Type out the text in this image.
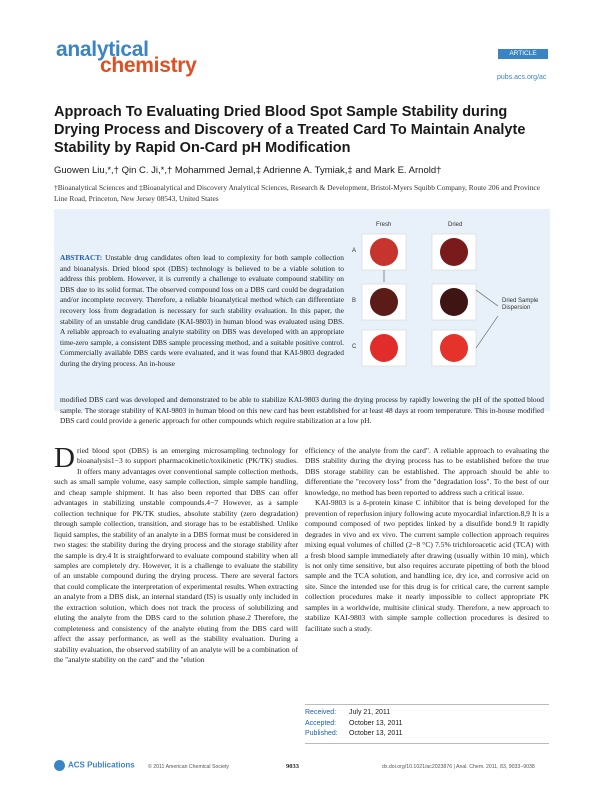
analytical
chemistry
ARTICLE
pubs.acs.org/ac
Approach To Evaluating Dried Blood Spot Sample Stability during Drying Process and Discovery of a Treated Card To Maintain Analyte Stability by Rapid On-Card pH Modification
Guowen Liu,*,† Qin C. Ji,*,† Mohammed Jemal,‡ Adrienne A. Tymiak,‡ and Mark E. Arnold†
†Bioanalytical Sciences and ‡Bioanalytical and Discovery Analytical Sciences, Research & Development, Bristol-Myers Squibb Company, Route 206 and Province Line Road, Princeton, New Jersey 08543, United States
ABSTRACT: Unstable drug candidates often lead to complexity for both sample collection and bioanalysis. Dried blood spot (DBS) technology is believed to be a viable solution to address this problem. However, it is currently a challenge to evaluate compound stability on DBS due to its solid format. The observed compound loss on a DBS card could be degradation and/or incomplete recovery. Therefore, a reliable bioanalytical method which can differentiate recovery loss from degradation is necessary for such stability evaluation. In this paper, the stability of an unstable drug candidate (KAI-9803) in human blood was evaluated using DBS. A reliable approach to evaluating analyte stability on DBS was developed with an appropriate time-zero sample, a consistent DBS sample processing method, and a suitable positive control. Commercially available DBS cards were evaluated, and it was found that KAI-9803 degraded during the drying process. An in-house
modified DBS card was developed and demonstrated to be able to stabilize KAI-9803 during the drying process by rapidly lowering the pH of the spotted blood sample. The storage stability of KAI-9803 in human blood on this new card has been established for at least 48 days at room temperature. This in-house modified DBS card could provide a generic approach for other compounds which require stabilization at a low pH.
Fresh	Dried
A
B
C
Dried Sample Dispersion

Dried blood spot (DBS) is an emerging microsampling technology for bioanalysis1−3 to support pharmacokinetic/toxikinetic (PK/TK) studies. It offers many advantages over conventional sample collection methods, such as small sample volume, easy sample collection, simple sample handling, and cheap sample shipment. It has also been reported that DBS can offer advantages in stabilizing unstable compounds.4−7 However, as a sample collection technique for PK/TK studies, absolute stability (zero degradation) through sample collection, transition, and storage has to be established. Unlike liquid samples, the stability of an analyte in a DBS format must be considered in two stages: the stability during the drying process and the storage stability after the sample is dry.4 It is straightforward to evaluate compound stability when all samples are completely dry. However, it is a challenge to evaluate the stability of an unstable compound during the drying process. There are several factors that could complicate the interpretation of experimental results. When extracting an analyte from a DBS disk, an internal standard (IS) is usually only included in the extraction solution, which does not track the process of solubilizing and eluting the analyte from the DBS card to the solution phase.2 Therefore, the completeness and consistency of the analyte eluting from the DBS card will affect the assay performance, as well as the stability evaluation. During a stability evaluation, the observed stability of an analyte will be a combination of the "analyte stability on the card" and the "elution

efficiency of the analyte from the card". A reliable approach to evaluating the DBS stability during the drying process has to be established before the true DBS storage stability can be established. The approach should be able to differentiate the "recovery loss" from the "degradation loss". To the best of our knowledge, no method has been reported to address such a critical issue.

KAI-9803 is a δ-protein kinase C inhibitor that is being developed for the prevention of reperfusion injury following acute myocardial infarction.8,9 It is a compound composed of two peptides linked by a disulfide bond.9 It rapidly degrades in vivo and ex vivo. The current sample collection approach requires mixing equal volumes of chilled (2−8 °C) 7.5% trichloroacetic acid (TCA) with a fresh blood sample immediately after drawing (usually within 10 min), which is not only time sensitive, but also requires accurate pipetting of both the blood sample and the TCA solution, and handling ice, dry ice, and corrosive acid on site. Since the intended use for this drug is for critical care, the current sample collection procedures make it nearly impossible to collect appropriate PK samples in a worldwide, multisite clinical study. Therefore, a new approach to stabilize KAI-9803 with simple sample collection procedures is desired to facilitate such a study.

Received: July 21, 2011
Accepted: October 13, 2011
Published: October 13, 2011
ACS Publications	© 2011 American Chemical Society	9033	dx.doi.org/10.1021/ac2023876 | Anal. Chem. 2011, 83, 9033−9038
